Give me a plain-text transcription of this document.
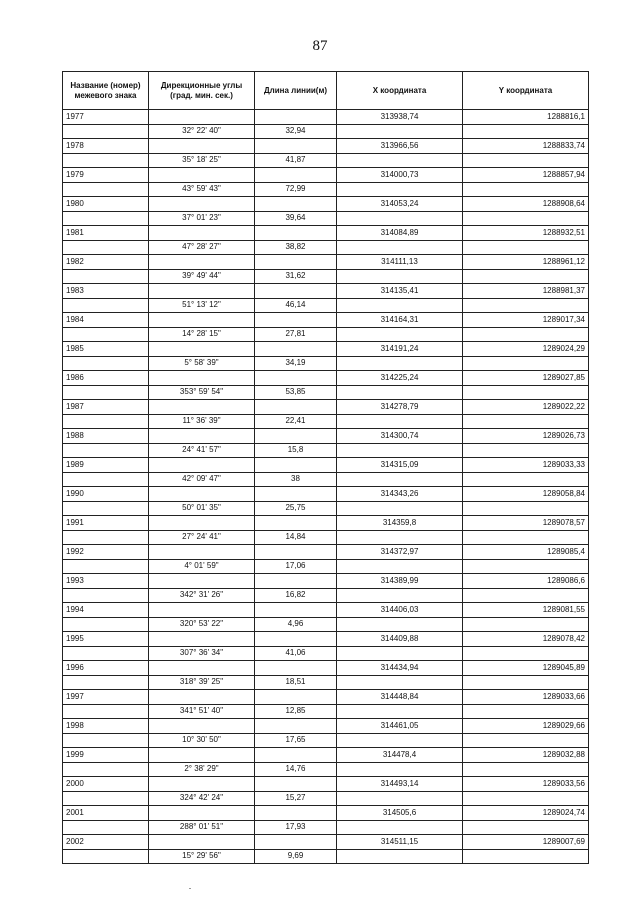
87
Название (номер) межевого знака	Дирекционные углы (град. мин. сек.)	Длина линии(м)	X координата	Y координата
1977			313938,74	1288816,1
	32° 22' 40"	32,94		
1978			313966,56	1288833,74
	35° 18' 25"	41,87		
1979			314000,73	1288857,94
	43° 59' 43"	72,99		
1980			314053,24	1288908,64
	37° 01' 23"	39,64		
1981			314084,89	1288932,51
	47° 28' 27"	38,82		
1982			314111,13	1288961,12
	39° 49' 44"	31,62		
1983			314135,41	1288981,37
	51° 13' 12"	46,14		
1984			314164,31	1289017,34
	14° 28' 15"	27,81		
1985			314191,24	1289024,29
	5° 58' 39"	34,19		
1986			314225,24	1289027,85
	353° 59' 54"	53,85		
1987			314278,79	1289022,22
	11° 36' 39"	22,41		
1988			314300,74	1289026,73
	24° 41' 57"	15,8		
1989			314315,09	1289033,33
	42° 09' 47"	38		
1990			314343,26	1289058,84
	50° 01' 35"	25,75		
1991			314359,8	1289078,57
	27° 24' 41"	14,84		
1992			314372,97	1289085,4
	4° 01' 59"	17,06		
1993			314389,99	1289086,6
	342° 31' 26"	16,82		
1994			314406,03	1289081,55
	320° 53' 22"	4,96		
1995			314409,88	1289078,42
	307° 36' 34"	41,06		
1996			314434,94	1289045,89
	318° 39' 25"	18,51		
1997			314448,84	1289033,66
	341° 51' 40"	12,85		
1998			314461,05	1289029,66
	10° 30' 50"	17,65		
1999			314478,4	1289032,88
	2° 38' 29"	14,76		
2000			314493,14	1289033,56
	324° 42' 24"	15,27		
2001			314505,6	1289024,74
	288° 01' 51"	17,93		
2002			314511,15	1289007,69
	15° 29' 56"	9,69		
